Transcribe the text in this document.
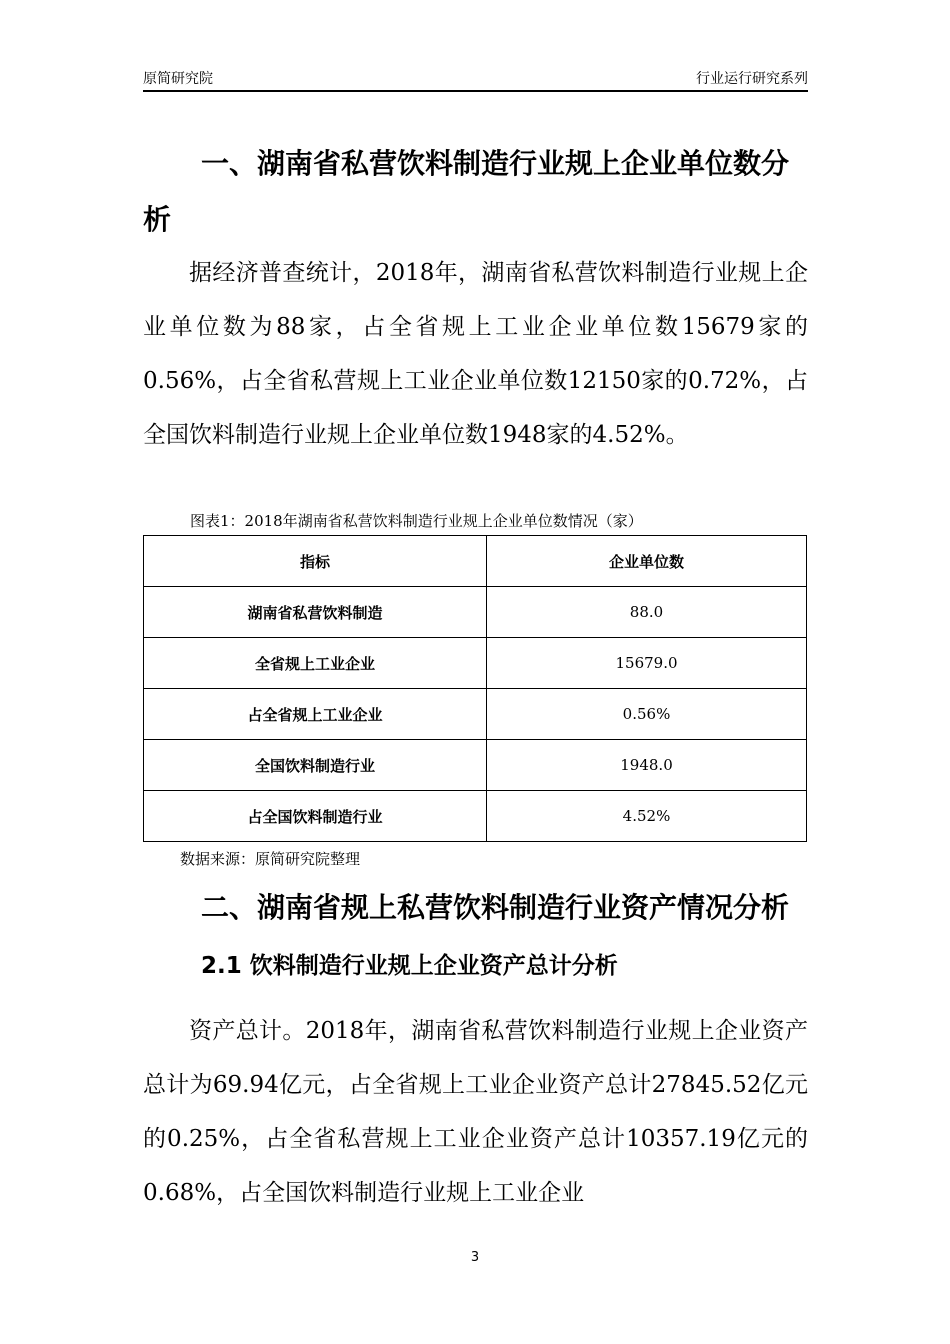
原简研究院	行业运行研究系列
一、湖南省私营饮料制造行业规上企业单位数分析

据经济普查统计，2018年，湖南省私营饮料制造行业规上企业单位数为88家，占全省规上工业企业单位数15679家的0.56%，占全省私营规上工业企业单位数12150家的0.72%，占全国饮料制造行业规上企业单位数1948家的4.52%。

图表1：2018年湖南省私营饮料制造行业规上企业单位数情况（家）
指标	企业单位数
湖南省私营饮料制造	88.0
全省规上工业企业	15679.0
占全省规上工业企业	0.56%
全国饮料制造行业	1948.0
占全国饮料制造行业	4.52%
数据来源：原简研究院整理
二、湖南省规上私营饮料制造行业资产情况分析
2.1 饮料制造行业规上企业资产总计分析

资产总计。2018年，湖南省私营饮料制造行业规上企业资产总计为69.94亿元，占全省规上工业企业资产总计27845.52亿元的0.25%，占全省私营规上工业企业资产总计10357.19亿元的0.68%，占全国饮料制造行业规上工业企业

3
